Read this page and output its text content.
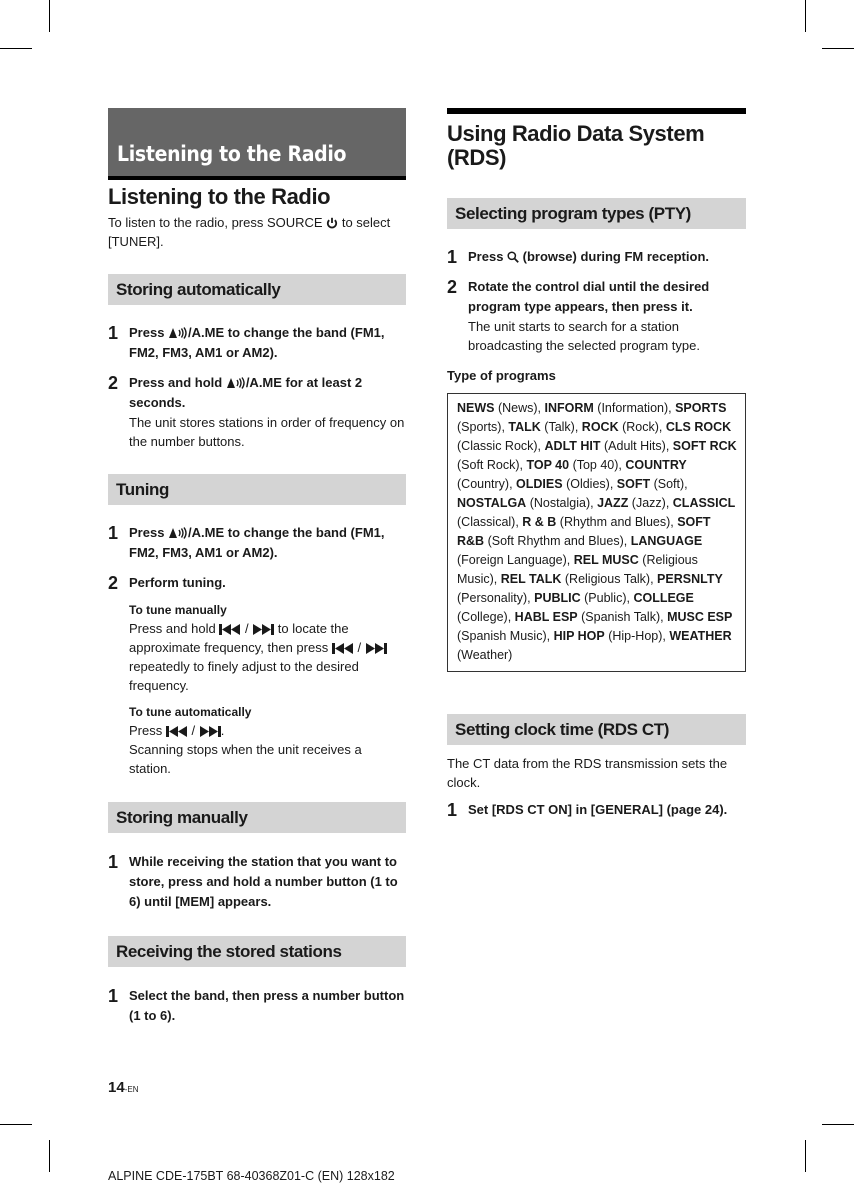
Listening to the Radio
Listening to the Radio

To listen to the radio, press SOURCE  to select [TUNER].

Storing automatically
1 Press /A.ME to change the band (FM1, FM2, FM3, AM1 or AM2).
2 Press and hold /A.ME for at least 2 seconds.
The unit stores stations in order of frequency on the number buttons.
Tuning
1 Press /A.ME to change the band (FM1, FM2, FM3, AM1 or AM2).
2 Perform tuning.
To tune manually
Press and hold  /  to locate the approximate frequency, then press  /  repeatedly to finely adjust to the desired frequency.
To tune automatically
Press  / .
Scanning stops when the unit receives a station.
Storing manually
1 While receiving the station that you want to store, press and hold a number button (1 to 6) until [MEM] appears.
Receiving the stored stations
1 Select the band, then press a number button (1 to 6).
Using Radio Data System (RDS)
Selecting program types (PTY)
1 Press  (browse) during FM reception.
2 Rotate the control dial until the desired program type appears, then press it.
The unit starts to search for a station broadcasting the selected program type.
Type of programs
NEWS (News), INFORM (Information), SPORTS (Sports), TALK (Talk), ROCK (Rock), CLS ROCK (Classic Rock), ADLT HIT (Adult Hits), SOFT RCK (Soft Rock), TOP 40 (Top 40), COUNTRY (Country), OLDIES (Oldies), SOFT (Soft), NOSTALGA (Nostalgia), JAZZ (Jazz), CLASSICL (Classical), R & B (Rhythm and Blues), SOFT R&B (Soft Rhythm and Blues), LANGUAGE (Foreign Language), REL MUSC (Religious Music), REL TALK (Religious Talk), PERSNLTY (Personality), PUBLIC (Public), COLLEGE (College), HABL ESP (Spanish Talk), MUSC ESP (Spanish Music), HIP HOP (Hip-Hop), WEATHER (Weather)
Setting clock time (RDS CT)

The CT data from the RDS transmission sets the clock.

1 Set [RDS CT ON] in [GENERAL] (page 24).
14-EN
ALPINE CDE-175BT 68-40368Z01-C (EN) 128x182
